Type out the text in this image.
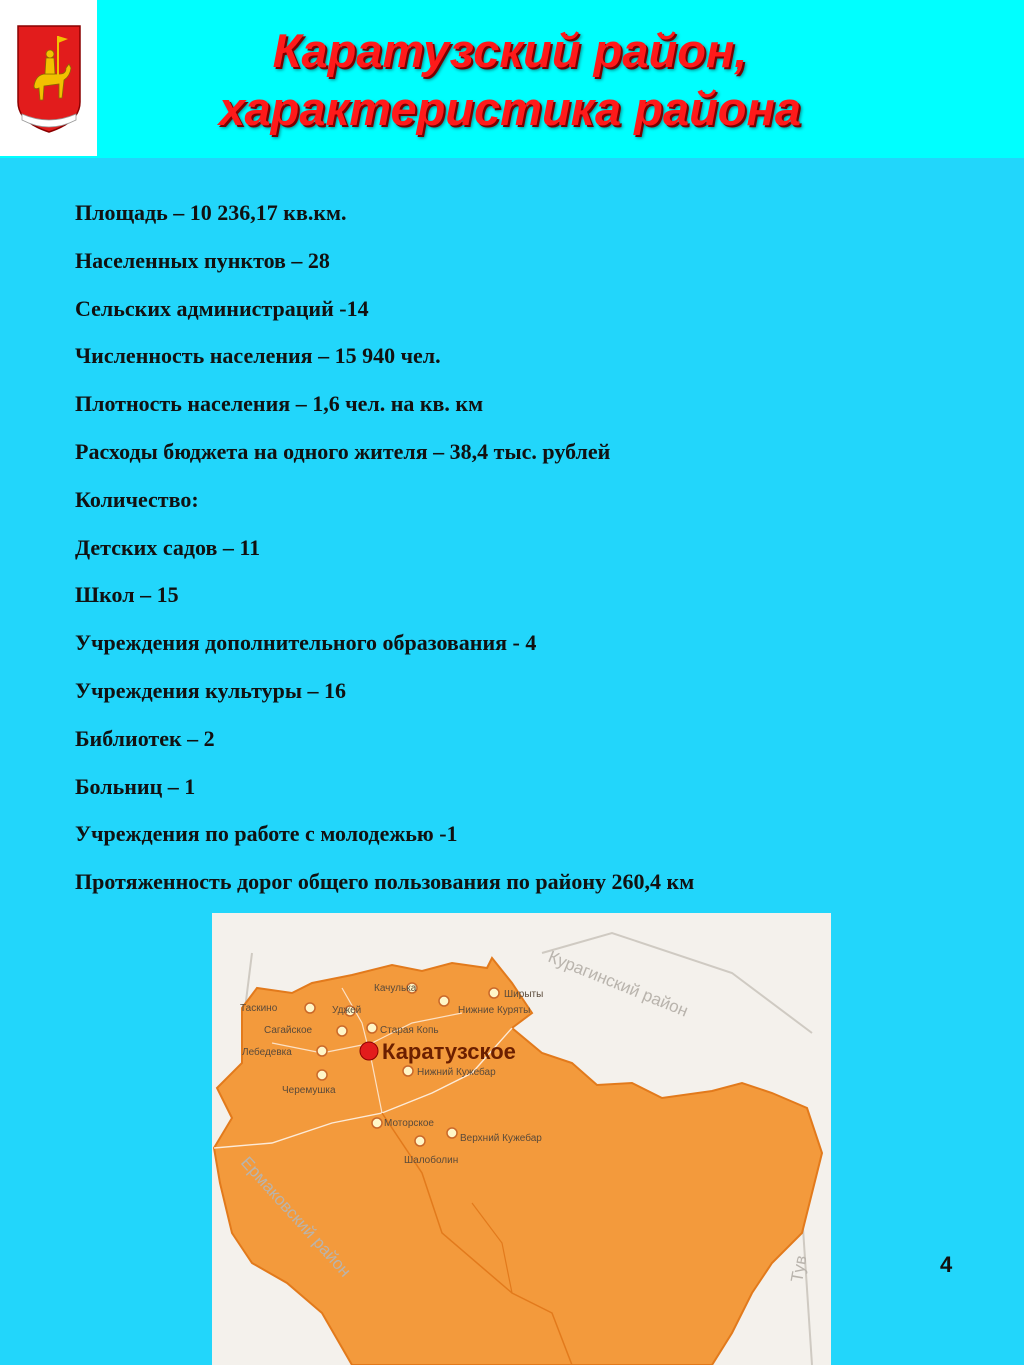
Каратузский район,
характеристика района
Площадь – 10 236,17 кв.км.
Населенных пунктов – 28
Сельских администраций -14
Численность населения – 15 940 чел.
Плотность населения – 1,6 чел. на кв. км
Расходы бюджета на одного жителя – 38,4 тыс. рублей
Количество:
Детских садов – 11
Школ – 15
Учреждения дополнительного образования - 4
Учреждения культуры – 16
Библиотек – 2
Больниц – 1
Учреждения по работе с молодежью -1
Протяженность дорог общего пользования по району 260,4 км
Таскино	Уджей
Сагайское	Старая Копь
Лебедевка
Черемушка
Нижний Кужебар
Моторское
Верхний Кужебар
Шалоболин
Качулька
Нижние Куряты
Ширыты
Каратузское
Курагинский район
Ермаковский район	Тув	4
